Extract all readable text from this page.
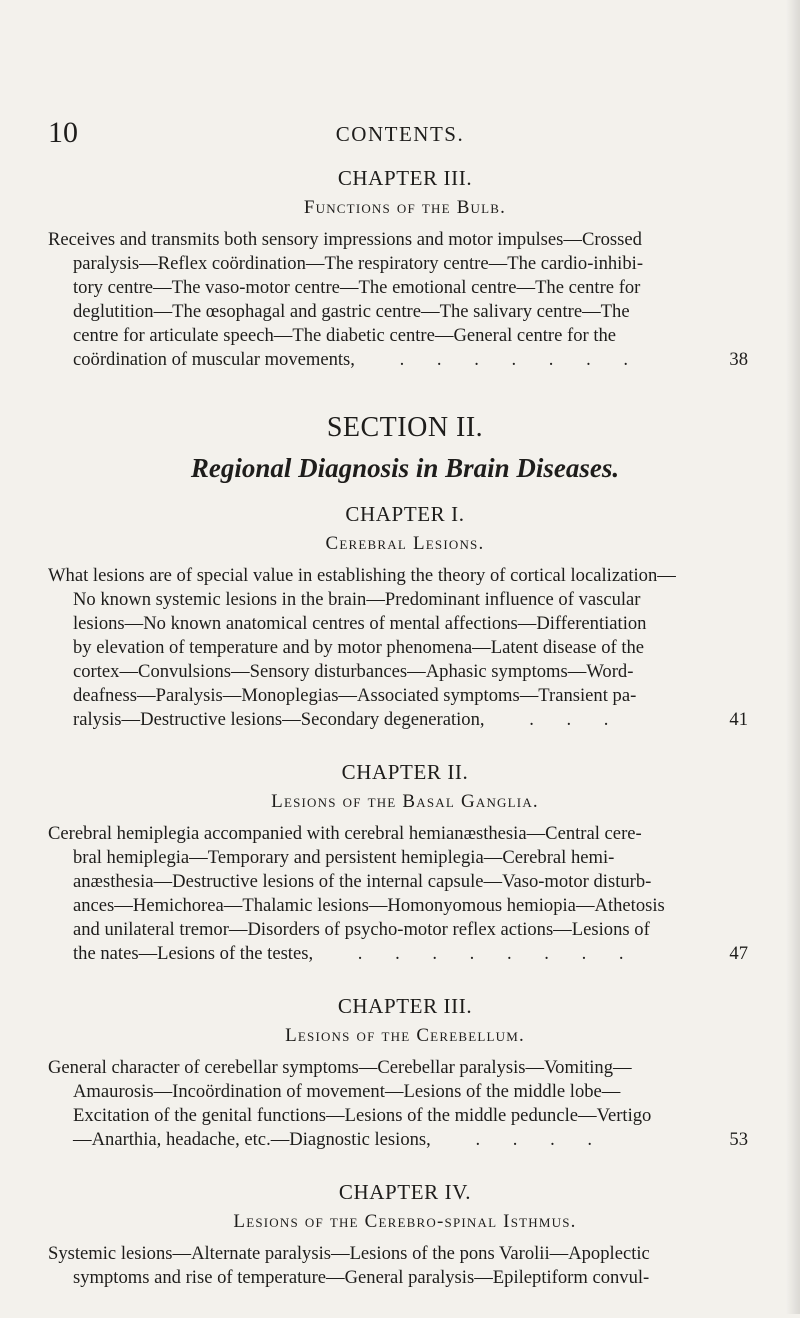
10	CONTENTS.

CHAPTER III.

Functions of the Bulb.

Receives and transmits both sensory impressions and motor impulses—Crossed
paralysis—Reflex coördination—The respiratory centre—The cardio-inhibi-
tory centre—The vaso-motor centre—The emotional centre—The centre for
deglutition—The œsophagal and gastric centre—The salivary centre—The
centre for articulate speech—The diabetic centre—General centre for the
coördination of muscular movements, . . . . . . .	38

SECTION II.

Regional Diagnosis in Brain Diseases.

CHAPTER I.

Cerebral Lesions.

What lesions are of special value in establishing the theory of cortical localization—
No known systemic lesions in the brain—Predominant influence of vascular
lesions—No known anatomical centres of mental affections—Differentiation
by elevation of temperature and by motor phenomena—Latent disease of the
cortex—Convulsions—Sensory disturbances—Aphasic symptoms—Word-
deafness—Paralysis—Monoplegias—Associated symptoms—Transient pa-
ralysis—Destructive lesions—Secondary degeneration, . . .	41

CHAPTER II.

Lesions of the Basal Ganglia.

Cerebral hemiplegia accompanied with cerebral hemianæsthesia—Central cere-
bral hemiplegia—Temporary and persistent hemiplegia—Cerebral hemi-
anæsthesia—Destructive lesions of the internal capsule—Vaso-motor disturb-
ances—Hemichorea—Thalamic lesions—Homonyomous hemiopia—Athetosis
and unilateral tremor—Disorders of psycho-motor reflex actions—Lesions of
the nates—Lesions of the testes, . . . . . . . .	47

CHAPTER III.

Lesions of the Cerebellum.

General character of cerebellar symptoms—Cerebellar paralysis—Vomiting—
Amaurosis—Incoördination of movement—Lesions of the middle lobe—
Excitation of the genital functions—Lesions of the middle peduncle—Vertigo
—Anarthia, headache, etc.—Diagnostic lesions, . . . .	53

CHAPTER IV.

Lesions of the Cerebro-spinal Isthmus.

Systemic lesions—Alternate paralysis—Lesions of the pons Varolii—Apoplectic
symptoms and rise of temperature—General paralysis—Epileptiform convul-
